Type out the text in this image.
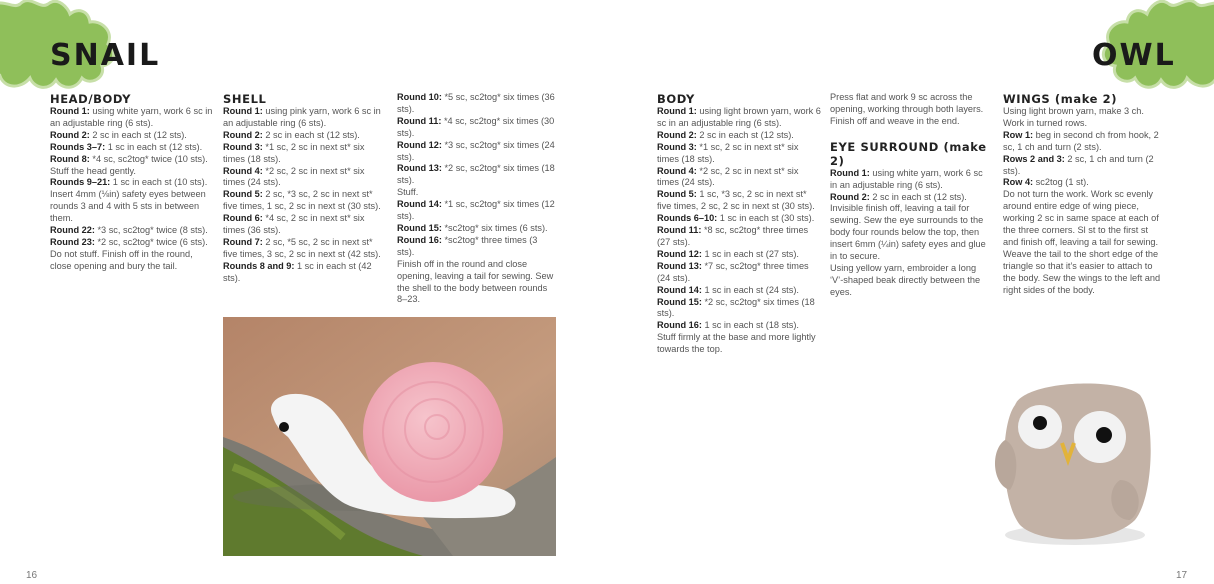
SNAIL
HEAD/BODY

Round 1: using white yarn, work 6 sc in an adjustable ring (6 sts).

Round 2: 2 sc in each st (12 sts).

Rounds 3–7: 1 sc in each st (12 sts).

Round 8: *4 sc, sc2tog* twice (10 sts).

Stuff the head gently.

Rounds 9–21: 1 sc in each st (10 sts).

Insert 4mm (⅛in) safety eyes between rounds 3 and 4 with 5 sts in between them.

Round 22: *3 sc, sc2tog* twice (8 sts).

Round 23: *2 sc, sc2tog* twice (6 sts).

Do not stuff. Finish off in the round, close opening and bury the tail.

SHELL

Round 1: using pink yarn, work 6 sc in an adjustable ring (6 sts).

Round 2: 2 sc in each st (12 sts).

Round 3: *1 sc, 2 sc in next st* six times (18 sts).

Round 4: *2 sc, 2 sc in next st* six times (24 sts).

Round 5: 2 sc, *3 sc, 2 sc in next st* five times, 1 sc, 2 sc in next st (30 sts).

Round 6: *4 sc, 2 sc in next st* six times (36 sts).

Round 7: 2 sc, *5 sc, 2 sc in next st* five times, 3 sc, 2 sc in next st (42 sts).

Rounds 8 and 9: 1 sc in each st (42 sts).

Round 10: *5 sc, sc2tog* six times (36 sts).

Round 11: *4 sc, sc2tog* six times (30 sts).

Round 12: *3 sc, sc2tog* six times (24 sts).

Round 13: *2 sc, sc2tog* six times (18 sts).

Stuff.

Round 14: *1 sc, sc2tog* six times (12 sts).

Round 15: *sc2tog* six times (6 sts).

Round 16: *sc2tog* three times (3 sts).

Finish off in the round and close opening, leaving a tail for sewing. Sew the shell to the body between rounds 8–23.

16
OWL
BODY

Round 1: using light brown yarn, work 6 sc in an adjustable ring (6 sts).

Round 2: 2 sc in each st (12 sts).

Round 3: *1 sc, 2 sc in next st* six times (18 sts).

Round 4: *2 sc, 2 sc in next st* six times (24 sts).

Round 5: 1 sc, *3 sc, 2 sc in next st* five times, 2 sc, 2 sc in next st (30 sts).

Rounds 6–10: 1 sc in each st (30 sts).

Round 11: *8 sc, sc2tog* three times (27 sts).

Round 12: 1 sc in each st (27 sts).

Round 13: *7 sc, sc2tog* three times (24 sts).

Round 14: 1 sc in each st (24 sts).

Round 15: *2 sc, sc2tog* six times (18 sts).

Round 16: 1 sc in each st (18 sts).

Stuff firmly at the base and more lightly towards the top.

Press flat and work 9 sc across the opening, working through both layers. Finish off and weave in the end.

EYE SURROUND (make 2)

Round 1: using white yarn, work 6 sc in an adjustable ring (6 sts).

Round 2: 2 sc in each st (12 sts).

Invisible finish off, leaving a tail for sewing. Sew the eye surrounds to the body four rounds below the top, then insert 6mm (¼in) safety eyes and glue in to secure.

Using yellow yarn, embroider a long ‘V’-shaped beak directly between the eyes.

WINGS (make 2)

Using light brown yarn, make 3 ch. Work in turned rows.

Row 1: beg in second ch from hook, 2 sc, 1 ch and turn (2 sts).

Rows 2 and 3: 2 sc, 1 ch and turn (2 sts).

Row 4: sc2tog (1 st).

Do not turn the work. Work sc evenly around entire edge of wing piece, working 2 sc in same space at each of the three corners. Sl st to the first st and finish off, leaving a tail for sewing. Weave the tail to the short edge of the triangle so that it’s easier to attach to the body. Sew the wings to the left and right sides of the body.

17
